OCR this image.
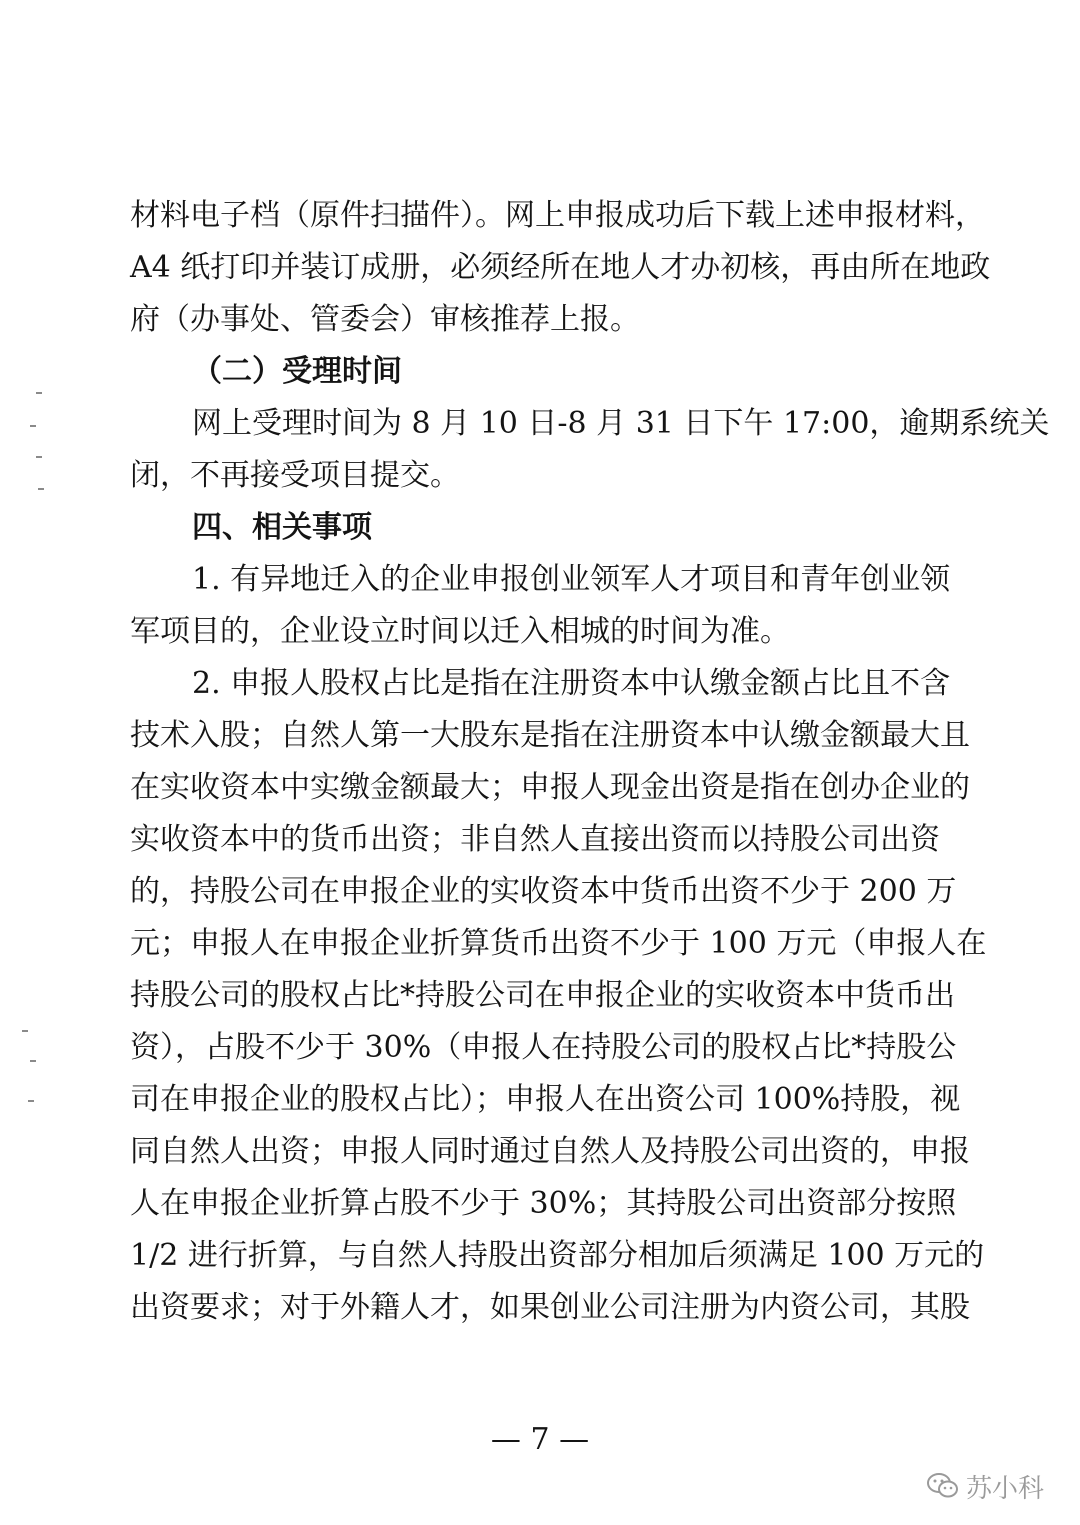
材料电子档（原件扫描件）。网上申报成功后下载上述申报材料，
A4 纸打印并装订成册，必须经所在地人才办初核，再由所在地政
府（办事处、管委会）审核推荐上报。
（二）受理时间
网上受理时间为 8 月 10 日-8 月 31 日下午 17:00，逾期系统关
闭，不再接受项目提交。
四、相关事项
1. 有异地迁入的企业申报创业领军人才项目和青年创业领
军项目的，企业设立时间以迁入相城的时间为准。
2. 申报人股权占比是指在注册资本中认缴金额占比且不含
技术入股；自然人第一大股东是指在注册资本中认缴金额最大且
在实收资本中实缴金额最大；申报人现金出资是指在创办企业的
实收资本中的货币出资；非自然人直接出资而以持股公司出资
的，持股公司在申报企业的实收资本中货币出资不少于 200 万
元；申报人在申报企业折算货币出资不少于 100 万元（申报人在
持股公司的股权占比*持股公司在申报企业的实收资本中货币出
资），占股不少于 30%（申报人在持股公司的股权占比*持股公
司在申报企业的股权占比）；申报人在出资公司 100%持股，视
同自然人出资；申报人同时通过自然人及持股公司出资的，申报
人在申报企业折算占股不少于 30%；其持股公司出资部分按照
1/2 进行折算，与自然人持股出资部分相加后须满足 100 万元的
出资要求；对于外籍人才，如果创业公司注册为内资公司，其股
— 7 —
苏小科
